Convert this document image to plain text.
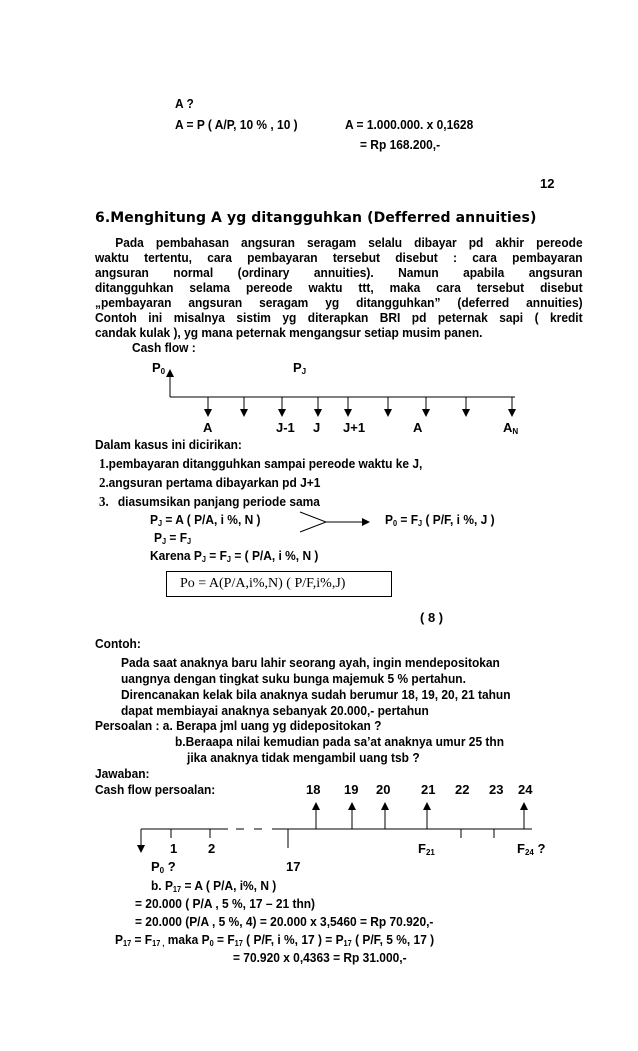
A ?
A = P ( A/P, 10 % , 10 )	A = 1.000.000. x 0,1628
= Rp 168.200,-
12
6.Menghitung A yg ditangguhkan (Defferred annuities)
Pada pembahasan angsuran seragam selalu dibayar pd akhir pereode
waktu tertentu, cara pembayaran tersebut disebut : cara pembayaran
angsuran normal (ordinary annuities). Namun apabila angsuran
ditangguhkan selama pereode waktu ttt, maka cara tersebut disebut
„pembayaran angsuran seragam yg ditangguhkan” (deferred annuities)
Contoh ini misalnya sistim yg diterapkan BRI pd peternak sapi ( kredit
candak kulak ), yg mana peternak mengangsur setiap musim panen.
Cash flow :
$P_0$	$P_J$
A	J-1 J J+1	A	$A_N$
Dalam kasus ini dicirikan:
1.pembayaran ditangguhkan sampai pereode waktu ke J,
2.angsuran pertama dibayarkan pd J+1
3. diasumsikan panjang periode sama
$P_J = A$ ( P/A, i %, N )	$P_0 = F_J$ ( P/F, i %, J )
$P_J = F_J$
Karena $P_J = F_J$ = ( P/A, i %, N )
Po = A(P/A,i%,N) ( P/F,i%,J)
( 8 )
Contoh:
Pada saat anaknya baru lahir seorang ayah, ingin mendepositokan
uangnya dengan tingkat suku bunga majemuk 5 % pertahun.
Direncanakan kelak bila anaknya sudah berumur 18, 19, 20, 21 tahun
dapat membiayai anaknya sebanyak 20.000,- pertahun
Persoalan : a. Berapa jml uang yg didepositokan ?
b.Beraapa nilai kemudian pada sa’at anaknya umur 25 thn
jika anaknya tidak mengambil uang tsb ?
Jawaban:
Cash flow persoalan:	18 19 20 21 22 23 24
1 2	$F_{21}$	$F_{24}$ ?
$P_0$ ?	17
b. $P_{17} = A$ ( P/A, i%, N )
= 20.000 ( P/A , 5 %, 17 – 21 thn)
= 20.000 (P/A , 5 %, 4) = 20.000 x 3,5460 = Rp 70.920,-
$P_{17} = F_{17 ,}$ maka $P_0 = F_{17}$ ( P/F, i %, 17 ) = $P_{17}$ ( P/F, 5 %, 17 )
= 70.920 x 0,4363 = Rp 31.000,-
